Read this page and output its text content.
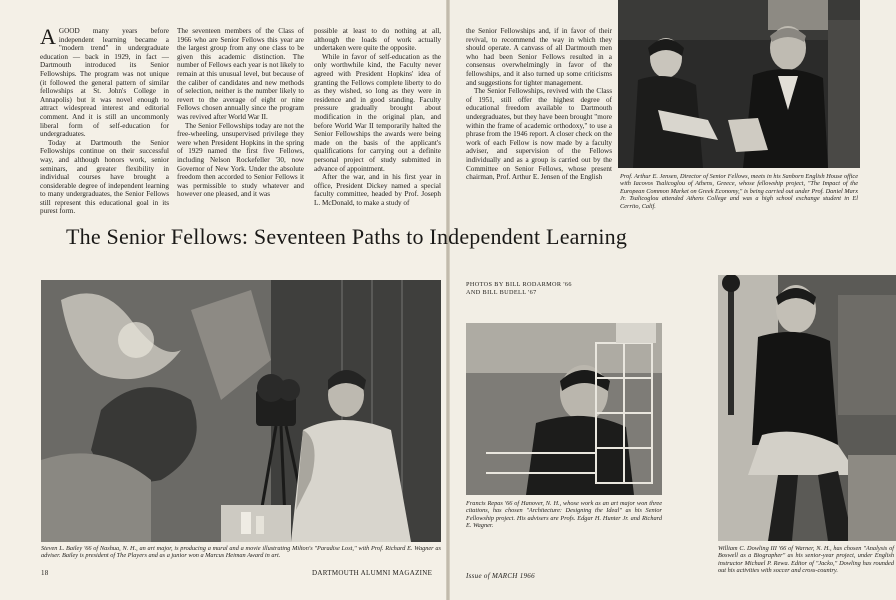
A GOOD many years before independent learning became a "modern trend" in undergraduate education — back in 1929, in fact — Dartmouth introduced its Senior Fellowships. The program was not unique (it followed the general pattern of similar fellowships at St. John's College in Annapolis) but it was novel enough to attract widespread interest and editorial comment. And it is still an uncommonly liberal form of self-education for undergraduates.

Today at Dartmouth the Senior Fellowships continue on their successful way, and although honors work, senior seminars, and greater flexibility in individual courses have brought a considerable degree of independent learning to many undergraduates, the Senior Fellows still represent this educational goal in its purest form.

The seventeen members of the Class of 1966 who are Senior Fellows this year are the largest group from any one class to be given this academic distinction. The number of Fellows each year is not likely to remain at this unusual level, but because of the caliber of candidates and new methods of selection, neither is the number likely to revert to the average of eight or nine Fellows chosen annually since the program was revived after World War II.

The Senior Fellowships today are not the free-wheeling, unsupervised privilege they were when President Hopkins in the spring of 1929 named the first five Fellows, including Nelson Rockefeller '30, now Governor of New York. Under the absolute freedom then accorded to Senior Fellows it was permissible to study whatever and however one pleased, and it was

possible at least to do nothing at all, although the loads of work actually undertaken were quite the opposite.

While in favor of self-education as the only worthwhile kind, the Faculty never agreed with President Hopkins' idea of granting the Fellows complete liberty to do as they wished, so long as they were in residence and in good standing. Faculty pressure gradually brought about modification in the original plan, and before World War II temporarily halted the Senior Fellowships the awards were being made on the basis of the applicant's qualifications for carrying out a definite personal project of study submitted in advance of appointment.

After the war, and in his first year in office, President Dickey named a special faculty committee, headed by Prof. Joseph L. McDonald, to make a study of

Steven L. Bailey '66 of Nashua, N. H., an art major, is producing a mural and a movie illustrating Milton's "Paradise Lost," with Prof. Richard E. Wagner as adviser. Bailey is president of The Players and as a junior won a Marcus Heiman Award in art.
18	DARTMOUTH ALUMNI MAGAZINE

the Senior Fellowships and, if in favor of their revival, to recommend the way in which they should operate. A canvass of all Dartmouth men who had been Senior Fellows resulted in a consensus overwhelmingly in favor of the fellowships, and it also turned up some criticisms and suggestions for tighter management.

The Senior Fellowships, revived with the Class of 1951, still offer the highest degree of educational freedom available to Dartmouth undergraduates, but they have been brought "more within the frame of academic orthodoxy," to use a phrase from the 1946 report. A closer check on the work of each Fellow is now made by a faculty adviser, and supervision of the Fellows individually and as a group is carried out by the Committee on Senior Fellows, whose present chairman, Prof. Arthur E. Jensen of the English	Prof. Arthur E. Jensen, Director of Senior Fellows, meets in his Sanborn English House office with Iacovos Tsalicoglou of Athens, Greece, whose fellowship project, "The Impact of the European Common Market on Greek Economy," is being carried out under Prof. Daniel Marx Jr. Tsalicoglou attended Athens College and was a high school exchange student in El Cerrito, Calif.
PHOTOS BY BILL RODARMOR '66
AND BILL BUDELL '67
Francis Repas '66 of Hanover, N. H., whose work as an art major won three citations, has chosen "Architecture: Designing the Ideal" as his Senior Fellowship project. His advisers are Profs. Edgar H. Hunter Jr. and Richard E. Wagner.
William C. Dowling III '66 of Warner, N. H., has chosen "Analysis of Boswell as a Biographer" as his senior-year project, under English instructor Michael P. Rewa. Editor of "Jacko," Dowling has rounded out his activities with soccer and cross-country.
Issue of MARCH 1966
The Senior Fellows: Seventeen Paths to Independent Learning
